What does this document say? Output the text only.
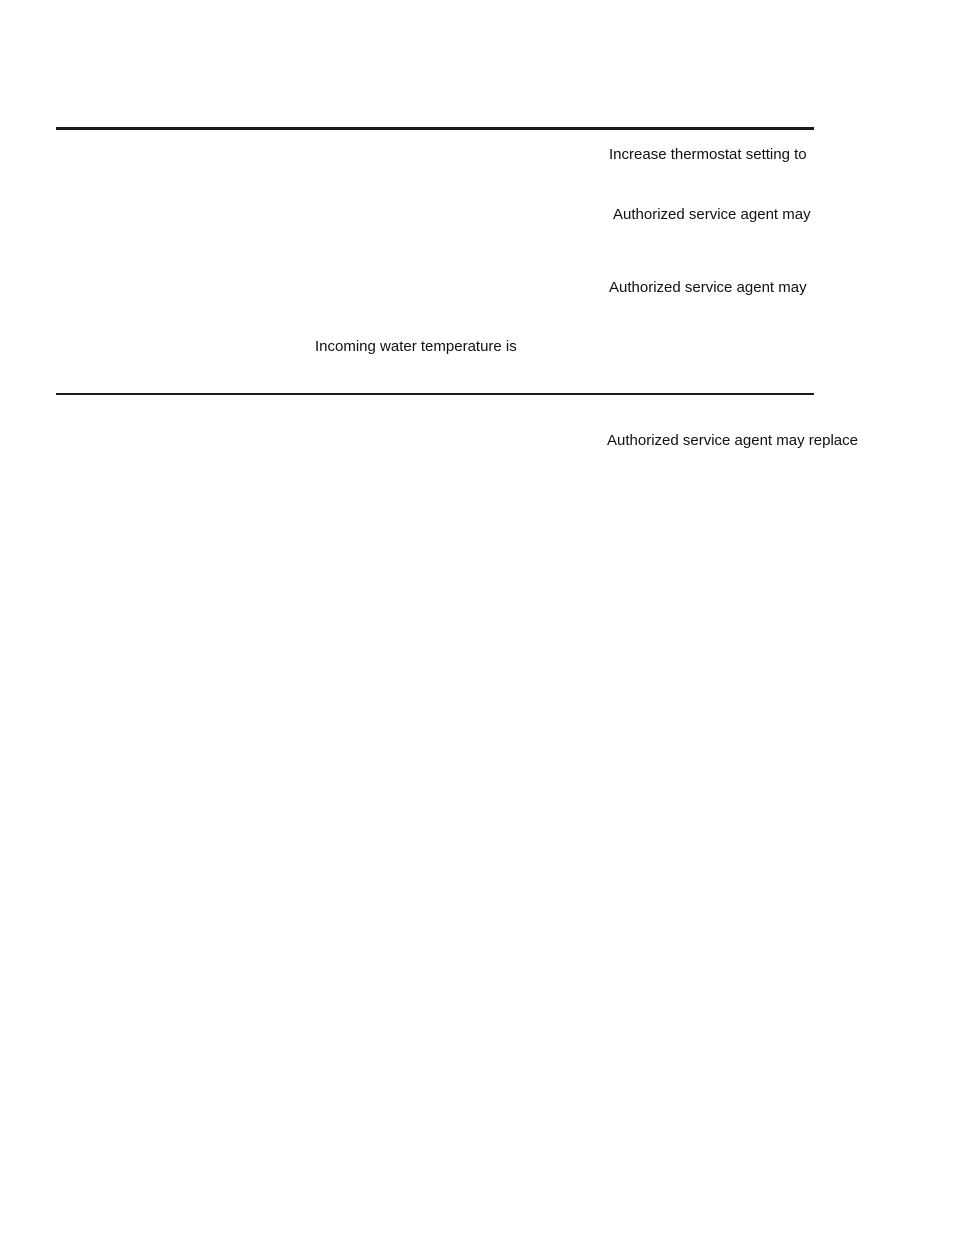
Increase thermostat setting to
Authorized service agent may
Authorized service agent may
Incoming water temperature is
Authorized service agent may replace
